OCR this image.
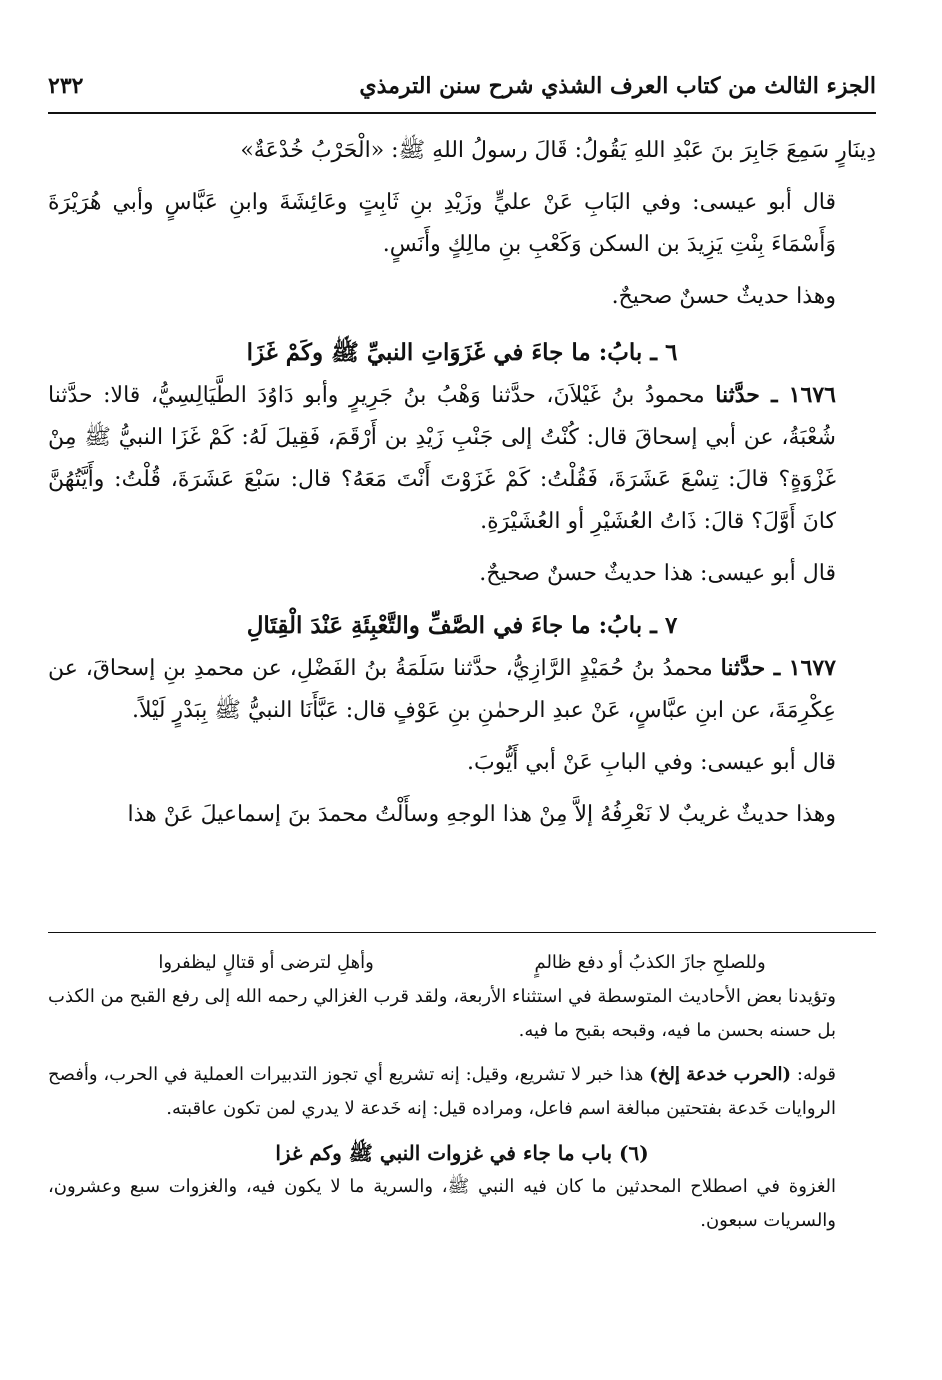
الجزء الثالث من كتاب العرف الشذي شرح سنن الترمذي
٢٣٢

دِينَارٍ سَمِعَ جَابِرَ بنَ عَبْدِ اللهِ يَقُولُ: قَالَ رسولُ اللهِ ﷺ: «الْحَرْبُ خُدْعَةٌ»

قال أبو عيسى: وفي البَابِ عَنْ عليٍّ وزَيْدِ بنِ ثَابِتٍ وعَائِشَةَ وابنِ عَبَّاسٍ وأبي هُرَيْرَةَ وَأَسْمَاءَ بِنْتِ يَزِيدَ بن السكن وَكَعْبِ بنِ مالِكٍ وأَنَسٍ.

وهذا حديثٌ حسنٌ صحيحٌ.

٦ ـ بابُ: ما جاءَ في غَزَوَاتِ النبيِّ ﷺ وكَمْ غَزَا

١٦٧٦ ـ حدَّثنا محمودُ بنُ غَيْلاَنَ، حدَّثنا وَهْبُ بنُ جَرِيرٍ وأبو دَاوُدَ الطَّيَالِسِيُّ، قالا: حدَّثنا شُعْبَةُ، عن أبي إسحاقَ قال: كُنْتُ إلى جَنْبِ زَيْدِ بن أَرْقَمَ، فَقِيلَ لَهُ: كَمْ غَزَا النبيُّ ﷺ مِنْ غَزْوَةٍ؟ قالَ: تِسْعَ عَشَرَةَ، فَقُلْتُ: كَمْ غَزَوْتَ أَنْتَ مَعَهُ؟ قال: سَبْعَ عَشَرَةَ، قُلْتُ: وأَيَّتُهُنَّ كانَ أَوَّلَ؟ قالَ: ذَاتُ العُشَيْرِ أو العُشَيْرَةِ.

قال أبو عيسى: هذا حديثٌ حسنٌ صحيحٌ.

٧ ـ بابُ: ما جاءَ في الصَّفِّ والتَّعْبِئَةِ عَنْدَ الْقِتَالِ

١٦٧٧ ـ حدَّثنا محمدُ بنُ حُمَيْدٍ الرَّازِيُّ، حدَّثنا سَلَمَةُ بنُ الفَضْلِ، عن محمدِ بنِ إسحاقَ، عن عِكْرِمَةَ، عن ابنِ عبَّاسٍ، عَنْ عبدِ الرحمٰنِ بنِ عَوْفٍ قال: عَبَّأَنَا النبيُّ ﷺ بِبَدْرٍ لَيْلاً.

قال أبو عيسى: وفي البابِ عَنْ أبي أَيُّوبَ.

وهذا حديثٌ غريبٌ لا نَعْرِفُهُ إلاَّ مِنْ هذا الوجهِ وسأَلْتُ محمدَ بنَ إسماعيلَ عَنْ هذا

وللصلحِ جازَ الكذبُ أو دفع ظالمٍ
وأهلِ لترضى أو قتالٍ ليظفروا

وتؤيدنا بعض الأحاديث المتوسطة في استثناء الأربعة، ولقد قرب الغزالي رحمه الله إلى رفع القبح من الكذب بل حسنه بحسن ما فيه، وقبحه بقبح ما فيه.

قوله: (الحرب خدعة إلخ) هذا خبر لا تشريع، وقيل: إنه تشريع أي تجوز التدبيرات العملية في الحرب، وأفصح الروايات خَدعة بفتحتين مبالغة اسم فاعل، ومراده قيل: إنه خَدعة لا يدري لمن تكون عاقبته.

(٦) باب ما جاء في غزوات النبي ﷺ وكم غزا

الغزوة في اصطلاح المحدثين ما كان فيه النبي ﷺ، والسرية ما لا يكون فيه، والغزوات سبع وعشرون، والسريات سبعون.
